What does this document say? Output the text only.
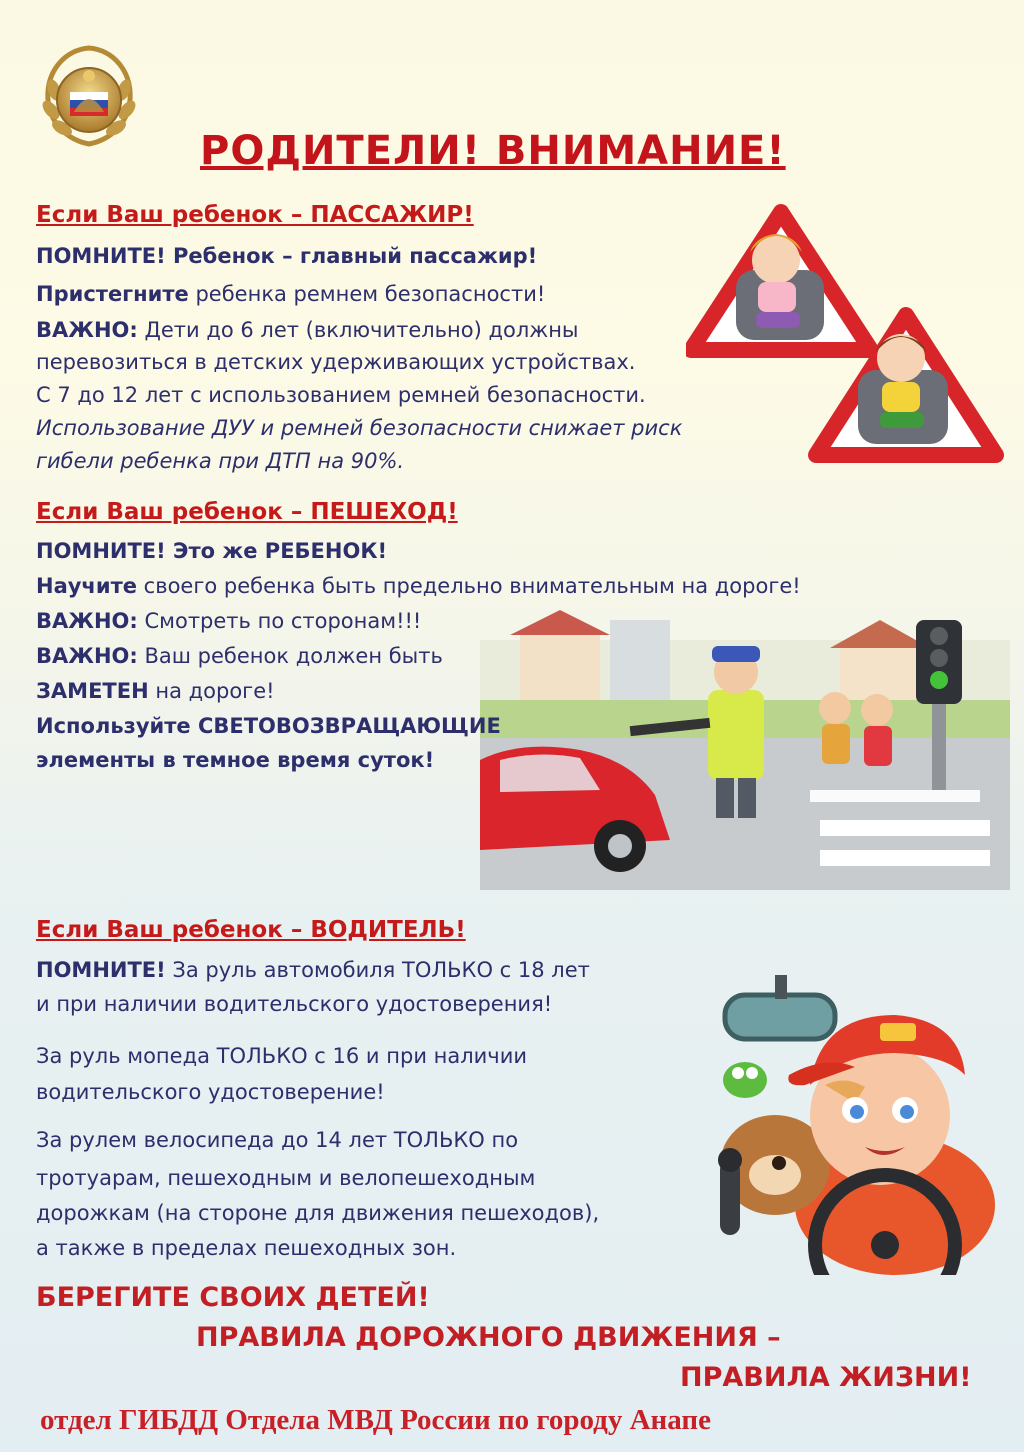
РОДИТЕЛИ! ВНИМАНИЕ!
Если Ваш ребенок – ПАССАЖИР!
ПОМНИТЕ! Ребенок – главный пассажир!
Пристегните ребенка ремнем безопасности!
ВАЖНО: Дети до 6 лет (включительно) должны
перевозиться в детских удерживающих устройствах.
С 7 до 12 лет с использованием ремней безопасности.
Использование ДУУ и ремней безопасности снижает риск
гибели ребенка при ДТП на 90%.
Если Ваш ребенок – ПЕШЕХОД!
ПОМНИТЕ! Это же РЕБЕНОК!
Научите своего ребенка быть предельно внимательным на дороге!
ВАЖНО: Смотреть по сторонам!!!
ВАЖНО: Ваш ребенок должен быть
ЗАМЕТЕН на дороге!
Используйте СВЕТОВОЗВРАЩАЮЩИЕ
элементы в темное время суток!
Если Ваш ребенок – ВОДИТЕЛЬ!
ПОМНИТЕ! За руль автомобиля ТОЛЬКО с 18 лет
и при наличии водительского удостоверения!
За руль мопеда ТОЛЬКО с 16 и при наличии
водительского удостоверение!
За рулем велосипеда до 14 лет ТОЛЬКО по
тротуарам, пешеходным и велопешеходным
дорожкам (на стороне для движения пешеходов),
а также в пределах пешеходных зон.
БЕРЕГИТЕ СВОИХ ДЕТЕЙ!
ПРАВИЛА ДОРОЖНОГО ДВИЖЕНИЯ –
ПРАВИЛА ЖИЗНИ!
отдел ГИБДД Отдела МВД России по городу Анапе
